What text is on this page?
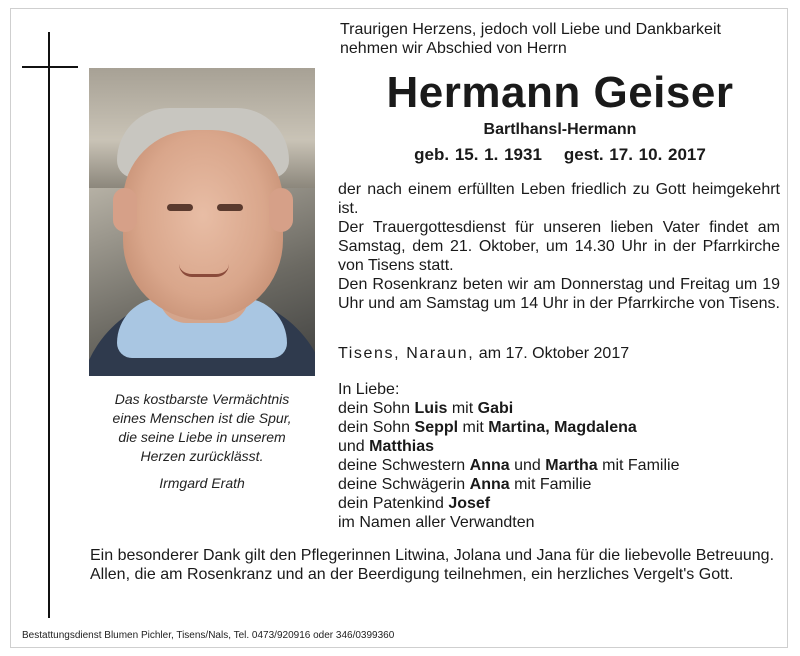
Das kostbarste Vermächtnis
eines Menschen ist die Spur,
die seine Liebe in unserem
Herzen zurücklässt.
Irmgard Erath
Traurigen Herzens, jedoch voll Liebe und Dankbarkeit
nehmen wir Abschied von Herrn
Hermann Geiser
Bartlhansl-Hermann
geb. 15. 1. 1931 gest. 17. 10. 2017

der nach einem erfüllten Leben friedlich zu Gott heimgekehrt ist.

Der Trauergottesdienst für unseren lieben Vater findet am Samstag, dem 21. Oktober, um 14.30 Uhr in der Pfarrkirche von Tisens statt.

Den Rosenkranz beten wir am Donnerstag und Freitag um 19 Uhr und am Samstag um 14 Uhr in der Pfarrkirche von Tisens.

Tisens, Naraun, am 17. Oktober 2017
In Liebe:
dein Sohn Luis mit Gabi
dein Sohn Seppl mit Martina, Magdalena
und Matthias
deine Schwestern Anna und Martha mit Familie
deine Schwägerin Anna mit Familie
dein Patenkind Josef
im Namen aller Verwandten

Ein besonderer Dank gilt den Pflegerinnen Litwina, Jolana und Jana für die liebevolle Betreuung.

Allen, die am Rosenkranz und an der Beerdigung teilnehmen, ein herzliches Vergelt's Gott.

Bestattungsdienst Blumen Pichler, Tisens/Nals, Tel. 0473/920916 oder 346/0399360
